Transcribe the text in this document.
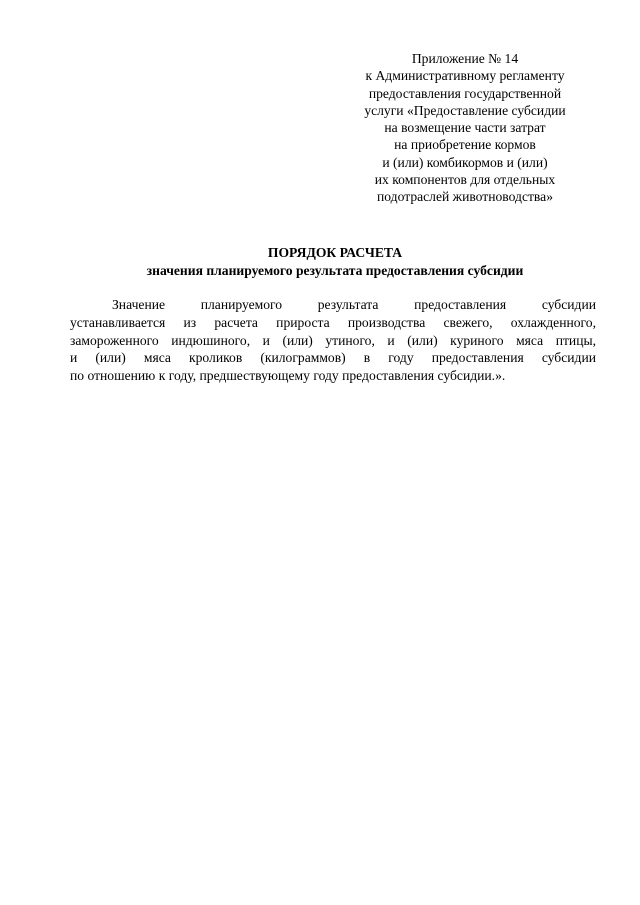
Приложение № 14
к Административному регламенту
предоставления государственной
услуги «Предоставление субсидии
на возмещение части затрат
на приобретение кормов
и (или) комбикормов и (или)
их компонентов для отдельных
подотраслей животноводства»
ПОРЯДОК РАСЧЕТА
значения планируемого результата предоставления субсидии
Значение планируемого результата предоставления субсидии
устанавливается из расчета прироста производства свежего, охлажденного,
замороженного индюшиного, и (или) утиного, и (или) куриного мяса птицы,
и (или) мяса кроликов (килограммов) в году предоставления субсидии
по отношению к году, предшествующему году предоставления субсидии.».
